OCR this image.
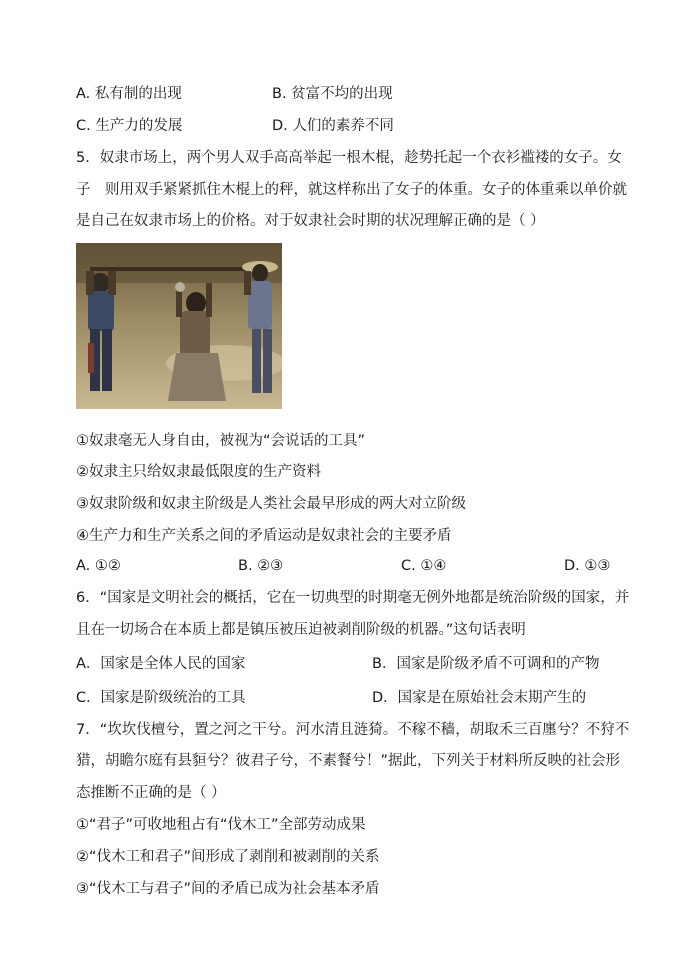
A. 私有制的出现	B. 贫富不均的出现
C. 生产力的发展	D. 人们的素养不同
5．奴隶市场上，两个男人双手高高举起一根木棍，趁势托起一个衣衫褴褛的女子。女
子　则用双手紧紧抓住木棍上的秤，就这样称出了女子的体重。女子的体重乘以单价就
是自己在奴隶市场上的价格。对于奴隶社会时期的状况理解正确的是（ ）
①奴隶毫无人身自由，被视为“会说话的工具”
②奴隶主只给奴隶最低限度的生产资料
③奴隶阶级和奴隶主阶级是人类社会最早形成的两大对立阶级
④生产力和生产关系之间的矛盾运动是奴隶社会的主要矛盾
A. ①②	B. ②③	C. ①④	D. ①③
6．“国家是文明社会的概括，它在一切典型的时期毫无例外地都是统治阶级的国家，并
且在一切场合在本质上都是镇压被压迫被剥削阶级的机器。”这句话表明
A．国家是全体人民的国家	B．国家是阶级矛盾不可调和的产物
C．国家是阶级统治的工具	D．国家是在原始社会末期产生的
7．“坎坎伐檀兮，置之河之干兮。河水清且涟猗。不稼不穑，胡取禾三百廛兮？不狩不
猎，胡瞻尔庭有县貆兮？彼君子兮，不素餐兮！”据此，下列关于材料所反映的社会形
态推断不正确的是（ ）
①“君子”可收地租占有“伐木工”全部劳动成果
②“伐木工和君子”间形成了剥削和被剥削的关系
③“伐木工与君子”间的矛盾已成为社会基本矛盾
